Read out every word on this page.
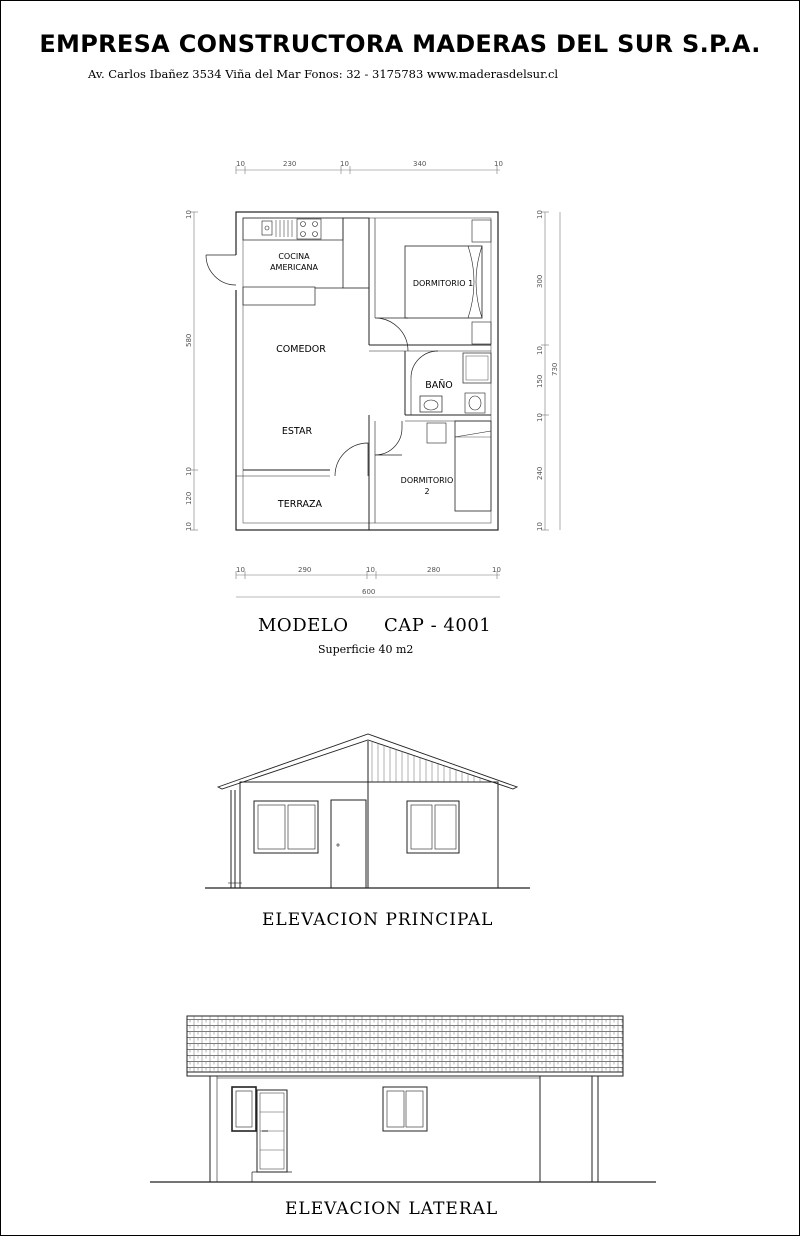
EMPRESA CONSTRUCTORA MADERAS DEL SUR S.P.A.
Av. Carlos Ibañez 3534 Viña del Mar Fonos: 32 - 3175783 www.maderasdelsur.cl
10	230	10	340	10
10	290	10	280	10
600
10
580
10
120
10
10
300
10
150
10
240
10
730
COCINA
AMERICANA
DORMITORIO 1
COMEDOR
BAÑO
ESTAR
DORMITORIO
2
TERRAZA
MODELO CAP - 4001
Superficie 40 m2
ELEVACION PRINCIPAL
ELEVACION LATERAL
